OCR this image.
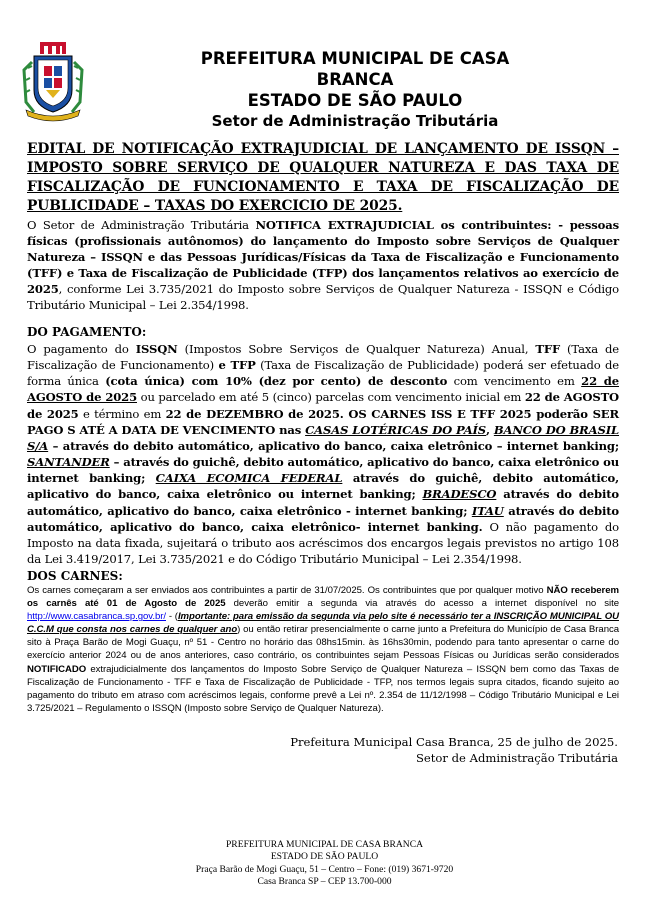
PREFEITURA MUNICIPAL DE CASA

BRANCA

ESTADO DE SÃO PAULO

Setor de Administração Tributária

EDITAL DE NOTIFICAÇÃO EXTRAJUDICIAL DE LANÇAMENTO DE ISSQN – IMPOSTO SOBRE SERVIÇO DE QUALQUER NATUREZA E DAS TAXA DE FISCALIZAÇÃO DE FUNCIONAMENTO E TAXA DE FISCALIZAÇÃO DE PUBLICIDADE – TAXAS DO EXERCICIO DE 2025.

O Setor de Administração Tributária NOTIFICA EXTRAJUDICIAL os contribuintes: - pessoas físicas (profissionais autônomos) do lançamento do Imposto sobre Serviços de Qualquer Natureza – ISSQN e das Pessoas Jurídicas/Físicas da Taxa de Fiscalização e Funcionamento (TFF) e Taxa de Fiscalização de Publicidade (TFP) dos lançamentos relativos ao exercício de 2025, conforme Lei 3.735/2021 do Imposto sobre Serviços de Qualquer Natureza - ISSQN e Código Tributário Municipal – Lei 2.354/1998.

DO PAGAMENTO:

O pagamento do ISSQN (Impostos Sobre Serviços de Qualquer Natureza) Anual, TFF (Taxa de Fiscalização de Funcionamento) e TFP (Taxa de Fiscalização de Publicidade) poderá ser efetuado de forma única (cota única) com 10% (dez por cento) de desconto com vencimento em 22 de AGOSTO de 2025 ou parcelado em até 5 (cinco) parcelas com vencimento inicial em 22 de AGOSTO de 2025 e término em 22 de DEZEMBRO de 2025. OS CARNES ISS E TFF 2025 poderão SER PAGO S ATÉ A DATA DE VENCIMENTO nas CASAS LOTÉRICAS DO PAÍS, BANCO DO BRASIL S/A – através do debito automático, aplicativo do banco, caixa eletrônico – internet banking; SANTANDER – através do guichê, debito automático, aplicativo do banco, caixa eletrônico ou internet banking; CAIXA ECOMICA FEDERAL através do guichê, debito automático, aplicativo do banco, caixa eletrônico ou internet banking; BRADESCO através do debito automático, aplicativo do banco, caixa eletrônico - internet banking; ITAU através do debito automático, aplicativo do banco, caixa eletrônico- internet banking. O não pagamento do Imposto na data fixada, sujeitará o tributo aos acréscimos dos encargos legais previstos no artigo 108 da Lei 3.419/2017, Lei 3.735/2021 e do Código Tributário Municipal – Lei 2.354/1998.

DOS CARNES:

Os carnes começaram a ser enviados aos contribuintes a partir de 31/07/2025. Os contribuintes que por qualquer motivo NÃO receberem os carnês até 01 de Agosto de 2025 deverão emitir a segunda via através do acesso a internet disponível no site http://www.casabranca.sp.gov.br/ - (Importante: para emissão da segunda via pelo site é necessário ter a INSCRIÇÃO MUNICIPAL OU C.C.M que consta nos carnes de qualquer ano) ou então retirar presencialmente o carne junto a Prefeitura do Município de Casa Branca sito à Praça Barão de Mogi Guaçu, nº 51 - Centro no horário das 08hs15min. às 16hs30min, podendo para tanto apresentar o carne do exercício anterior 2024 ou de anos anteriores, caso contrário, os contribuintes sejam Pessoas Físicas ou Jurídicas serão considerados NOTIFICADO extrajudicialmente dos lançamentos do Imposto Sobre Serviço de Qualquer Natureza – ISSQN bem como das Taxas de Fiscalização de Funcionamento - TFF e Taxa de Fiscalização de Publicidade - TFP, nos termos legais supra citados, ficando sujeito ao pagamento do tributo em atraso com acréscimos legais, conforme prevê a Lei nº. 2.354 de 11/12/1998 – Código Tributário Municipal e Lei 3.725/2021 – Regulamento o ISSQN (Imposto sobre Serviço de Qualquer Natureza).

Prefeitura Municipal Casa Branca, 25 de julho de 2025.

Setor de Administração Tributária

PREFEITURA MUNICIPAL DE CASA BRANCA

ESTADO DE SÃO PAULO

Praça Barão de Mogi Guaçu, 51 – Centro – Fone: (019) 3671-9720

Casa Branca SP – CEP 13.700-000
